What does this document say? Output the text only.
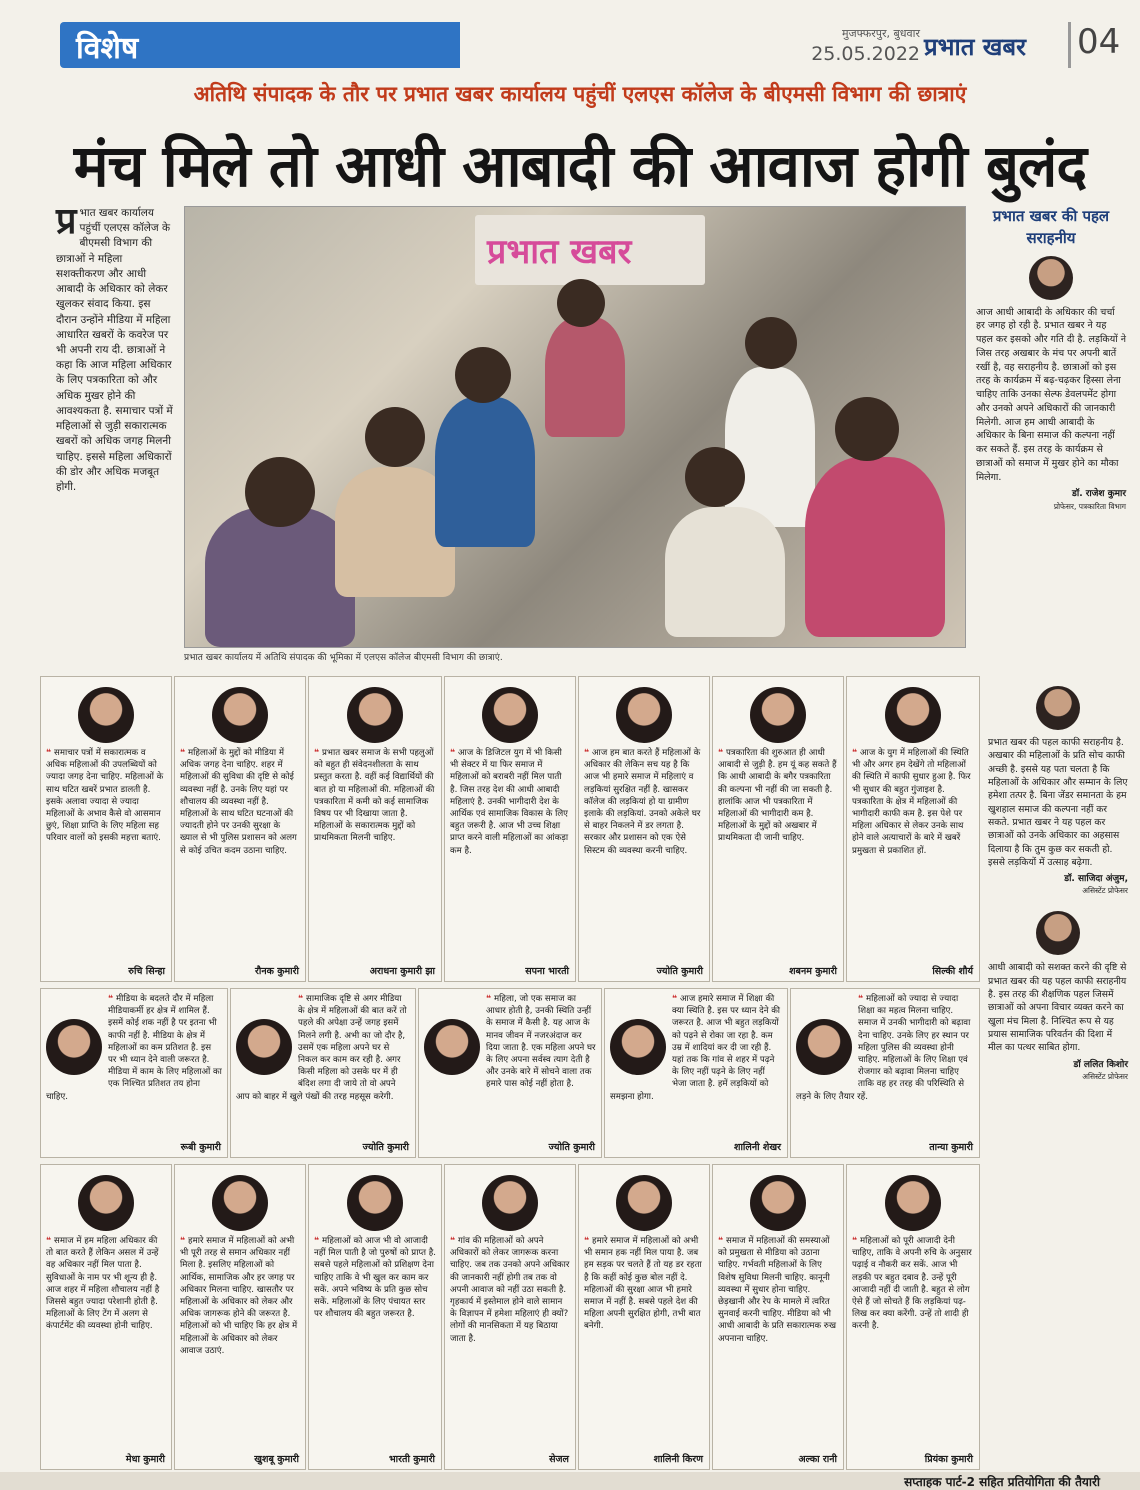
विशेष	मुजफ्फरपुर, बुधवार
25.05.2022 प्रभात खबर	04
अतिथि संपादक के तौर पर प्रभात खबर कार्यालय पहुंचीं एलएस कॉलेज के बीएमसी विभाग की छात्राएं
मंच मिले तो आधी आबादी की आवाज होगी बुलंद
प्र भात खबर कार्यालय पहुंचीं एलएस कॉलेज के बीएमसी विभाग की छात्राओं ने महिला सशक्तीकरण और आधी आबादी के अधिकार को लेकर खुलकर संवाद किया. इस दौरान उन्होंने मीडिया में महिला आधारित खबरों के कवरेज पर भी अपनी राय दी. छात्राओं ने कहा कि आज महिला अधिकार के लिए पत्रकारिता को और अधिक मुखर होने की आवश्यकता है. समाचार पत्रों में महिलाओं से जुड़ी सकारात्मक खबरों को अधिक जगह मिलनी चाहिए. इससे महिला अधिकारों की डोर और अधिक मजबूत होगी.
प्रभात खबर
प्रभात खबर कार्यालय में अतिथि संपादक की भूमिका में एलएस कॉलेज बीएमसी विभाग की छात्राएं.
प्रभात खबर की पहल सराहनीय
आज आधी आबादी के अधिकार की चर्चा हर जगह हो रही है. प्रभात खबर ने यह पहल कर इसको और गति दी है. लड़कियों ने जिस तरह अखबार के मंच पर अपनी बातें रखीं है, वह सराहनीय है. छात्राओं को इस तरह के कार्यक्रम में बढ़-चढ़कर हिस्सा लेना चाहिए ताकि उनका सेल्फ डेवलपमेंट होगा और उनको अपने अधिकारों की जानकारी मिलेगी. आज हम आधी आबादी के अधिकार के बिना समाज की कल्पना नहीं कर सकते हैं. इस तरह के कार्यक्रम से छात्राओं को समाज में मुखर होने का मौका मिलेगा.
डॉ. राजेश कुमार
प्रोफेसर, पत्रकारिता विभाग
❝ समाचार पत्रों में सकारात्मक व अधिक महिलाओं की उपलब्धियों को ज्यादा जगह देना चाहिए. महिलाओं के साथ घटित खबरें प्रभात डालती है. इसके अलावा ज्यादा से ज्यादा महिलाओं के अभाव कैसे वो आसमान छुएं, शिक्षा प्राप्ति के लिए महिला सह परिवार वालों को इसकी महत्ता बताएं.
रुचि सिन्हा
❝ महिलाओं के मुद्दों को मीडिया में अधिक जगह देना चाहिए. शहर में महिलाओं की सुविधा की दृष्टि से कोई व्यवस्था नहीं है. उनके लिए यहां पर शौचालय की व्यवस्था नहीं है. महिलाओं के साथ घटित घटनाओं की ज्यादती होने पर उनकी सुरक्षा के ख्याल से भी पुलिस प्रशासन को अलग से कोई उचित कदम उठाना चाहिए.
रौनक कुमारी
❝ प्रभात खबर समाज के सभी पहलुओं को बहुत ही संवेदनशीलता के साथ प्रस्तुत करता है. वहीं कई विद्यार्थियों की बात हो या महिलाओं की. महिलाओं की पत्रकारिता में कमी को कई सामाजिक विषय पर भी दिखाया जाता है. महिलाओं के सकारात्मक मुद्दों को प्राथमिकता मिलनी चाहिए.
अराधना कुमारी झा
❝ आज के डिजिटल युग में भी किसी भी सेक्टर में या फिर समाज में महिलाओं को बराबरी नहीं मिल पाती है. जिस तरह देश की आधी आबादी महिलाएं है. उनकी भागीदारी देश के आर्थिक एवं सामाजिक विकास के लिए बहुत जरूरी है. आज भी उच्च शिक्षा प्राप्त करने वाली महिलाओं का आंकड़ा कम है.
सपना भारती
❝ आज हम बात करते हैं महिलाओं के अधिकार की लेकिन सच यह है कि आज भी हमारे समाज में महिलाएं व लड़कियां सुरक्षित नहीं है. खासकर कॉलेज की लड़कियां हो या ग्रामीण इलाके की लड़कियां. उनको अकेले घर से बाहर निकलने में डर लगता है. सरकार और प्रशासन को एक ऐसे सिस्टम की व्यवस्था करनी चाहिए.
ज्योति कुमारी
❝ पत्रकारिता की शुरुआत ही आधी आबादी से जुड़ी है. हम यूं कह सकते हैं कि आधी आबादी के बगैर पत्रकारिता की कल्पना भी नहीं की जा सकती है. हालांकि आज भी पत्रकारिता में महिलाओं की भागीदारी कम है. महिलाओं के मुद्दों को अखबार में प्राथमिकता दी जानी चाहिए.
शबनम कुमारी
❝ आज के युग में महिलाओं की स्थिति भी और अगर हम देखेंगे तो महिलाओं की स्थिति में काफी सुधार हुआ है. फिर भी सुधार की बहुत गुंजाइश है. पत्रकारिता के क्षेत्र में महिलाओं की भागीदारी काफी कम है. इस पेशे पर महिला अधिकार से लेकर उनके साथ होने वाले अत्याचारों के बारे में खबरें प्रमुखता से प्रकाशित हों.
सिल्की शौर्य
❝ मीडिया के बदलते दौर में महिला मीडियाकर्मी हर क्षेत्र में शामिल हैं. इसमें कोई शक नहीं है पर इतना भी काफी नहीं है. मीडिया के क्षेत्र में महिलाओं का कम प्रतिशत है. इस पर भी ध्यान देने वाली जरूरत है. मीडिया में काम के लिए महिलाओं का एक निश्चित प्रतिशत तय होना चाहिए.
रूबी कुमारी
❝ सामाजिक दृष्टि से अगर मीडिया के क्षेत्र में महिलाओं की बात करें तो पहले की अपेक्षा उन्हें जगह इसमें मिलने लगी है. अभी का जो दौर है, उसमें एक महिला अपने घर से निकल कर काम कर रही है. अगर किसी महिला को उसके घर में ही बंदिश लगा दी जाये तो वो अपने आप को बाहर में खुले पंखों की तरह महसूस करेगी.
ज्योति कुमारी
❝ महिला, जो एक समाज का आधार होती है, उनकी स्थिति उन्हीं के समाज में कैसी है. यह आज के मानव जीवन में नजरअंदाज कर दिया जाता है. एक महिला अपने घर के लिए अपना सर्वस्व त्याग देती है और उनके बारे में सोचने वाला तक हमारे पास कोई नहीं होता है.
ज्योति कुमारी
❝ आज हमारे समाज में शिक्षा की क्या स्थिति है. इस पर ध्यान देने की जरूरत है. आज भी बहुत लड़कियों को पढ़ने से रोका जा रहा है. कम उम्र में शादियां कर दी जा रही हैं. यहां तक कि गांव से शहर में पढ़ने के लिए नहीं पढ़ने के लिए नहीं भेजा जाता है. हमें लड़कियों को समझना होगा.
शालिनी शेखर
❝ महिलाओं को ज्यादा से ज्यादा शिक्षा का महत्व मिलना चाहिए. समाज में उनकी भागीदारी को बढ़ावा देना चाहिए. उनके लिए हर स्थान पर महिला पुलिस की व्यवस्था होनी चाहिए. महिलाओं के लिए शिक्षा एवं रोजगार को बढ़ावा मिलना चाहिए ताकि वह हर तरह की परिस्थिति से लड़ने के लिए तैयार रहें.
तान्या कुमारी
❝ समाज में हम महिला अधिकार की तो बात करते हैं लेकिन असल में उन्हें वह अधिकार नहीं मिल पाता है. सुविधाओं के नाम पर भी शून्य ही है. आज शहर में महिला शौचालय नहीं है जिससे बहुत ज्यादा परेशानी होती है. महिलाओं के लिए टेंग में अलग से कंपार्टमेंट की व्यवस्था होनी चाहिए.
मेधा कुमारी
❝ हमारे समाज में महिलाओं को अभी भी पूरी तरह से समान अधिकार नहीं मिला है. इसलिए महिलाओं को आर्थिक, सामाजिक और हर जगह पर अधिकार मिलना चाहिए. खासतौर पर महिलाओं के अधिकार को लेकर और अधिक जागरूक होने की जरूरत है. महिलाओं को भी चाहिए कि हर क्षेत्र में महिलाओं के अधिकार को लेकर आवाज उठाएं.
खुशबू कुमारी
❝ महिलाओं को आज भी वो आजादी नहीं मिल पाती है जो पुरुषों को प्राप्त है. सबसे पहले महिलाओं को प्रशिक्षण देना चाहिए ताकि वे भी खुल कर काम कर सकें. अपने भविष्य के प्रति कुछ सोच सकें. महिलाओं के लिए पंचायत स्तर पर शौचालय की बहुत जरूरत है.
भारती कुमारी
❝ गांव की महिलाओं को अपने अधिकारों को लेकर जागरूक करना चाहिए. जब तक उनको अपने अधिकार की जानकारी नहीं होगी तब तक वो अपनी आवाज को नहीं उठा सकती है. गृहकार्य में इस्तेमाल होने वाले सामान के विज्ञापन में हमेशा महिलाएं ही क्यों? लोगों की मानसिकता में यह बिठाया जाता है.
सेजल
❝ हमारे समाज में महिलाओं को अभी भी समान हक नहीं मिल पाया है. जब हम सड़क पर चलते हैं तो यह डर रहता है कि कहीं कोई कुछ बोल नहीं दे. महिलाओं की सुरक्षा आज भी हमारे समाज में नहीं है. सबसे पहले देश की महिला अपनी सुरक्षित होगी, तभी बात बनेगी.
शालिनी किरण
❝ समाज में महिलाओं की समस्याओं को प्रमुखता से मीडिया को उठाना चाहिए. गर्भवती महिलाओं के लिए विशेष सुविधा मिलनी चाहिए. कानूनी व्यवस्था में सुधार होना चाहिए. छेड़खानी और रेप के मामले में त्वरित सुनवाई करनी चाहिए. मीडिया को भी आधी आबादी के प्रति सकारात्मक रुख अपनाना चाहिए.
अल्का रानी
❝ महिलाओं को पूरी आजादी देनी चाहिए, ताकि वे अपनी रुचि के अनुसार पढ़ाई व नौकरी कर सकें. आज भी लड़की पर बहुत दबाव है. उन्हें पूरी आजादी नहीं दी जाती है. बहुत से लोग ऐसे हैं जो सोचते हैं कि लड़कियां पढ़-लिख कर क्या करेंगी. उन्हें तो शादी ही करनी है.
प्रियंका कुमारी
प्रभात खबर की पहल काफी सराहनीय है. अखबार की महिलाओं के प्रति सोच काफी अच्छी है. इससे यह पता चलता है कि महिलाओं के अधिकार और सम्मान के लिए हमेशा तत्पर है. बिना जेंडर समानता के हम खुशहाल समाज की कल्पना नहीं कर सकते. प्रभात खबर ने यह पहल कर छात्राओं को उनके अधिकार का अहसास दिलाया है कि तुम कुछ कर सकती हो. इससे लड़कियों में उत्साह बढ़ेगा.
डॉ. साजिदा अंजुम,
असिस्टेंट प्रोफेसर
आधी आबादी को सशक्त करने की दृष्टि से प्रभात खबर की यह पहल काफी सराहनीय है. इस तरह की शैक्षणिक पहल जिसमें छात्राओं को अपना विचार व्यक्त करने का खुला मंच मिला है. निश्चित रूप से यह प्रयास सामाजिक परिवर्तन की दिशा में मील का पत्थर साबित होगा.
डॉ ललित किशोर
असिस्टेंट प्रोफेसर
सप्ताहक पार्ट-2 सहित प्रतियोगिता की तैयारी
